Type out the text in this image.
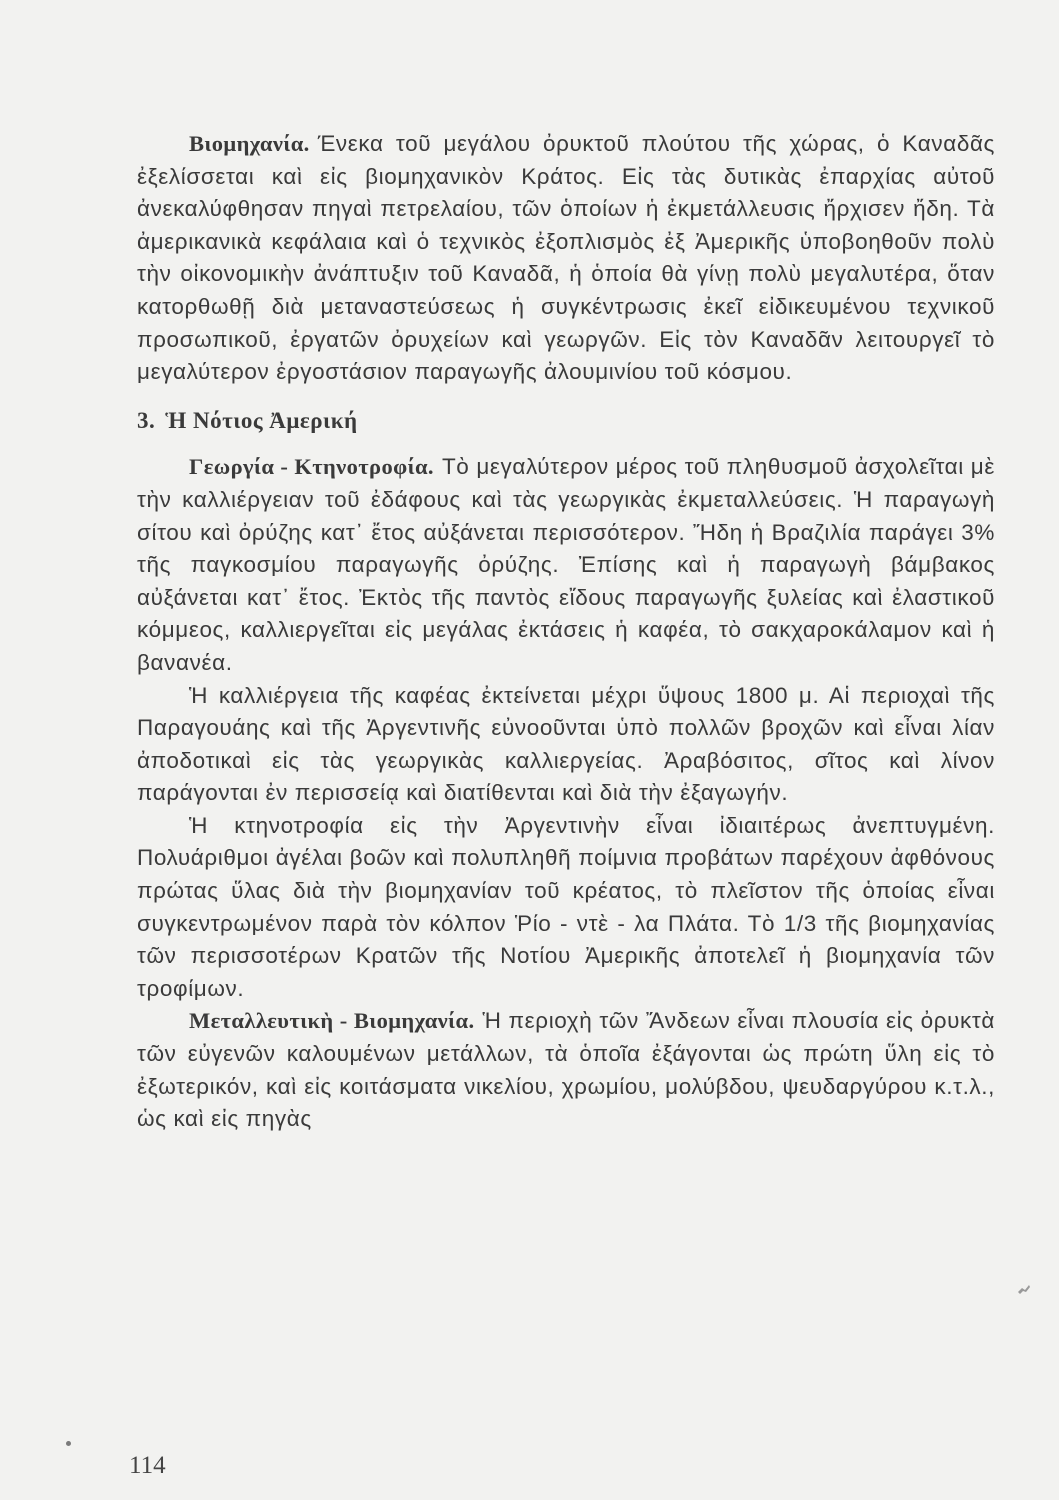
Βιομηχανία. Ένεκα τοῦ μεγάλου ὀρυκτοῦ πλούτου τῆς χώρας, ὁ Καναδᾶς ἐξελίσσεται καὶ εἰς βιομηχανικὸν Κράτος. Εἰς τὰς δυτικὰς ἐπαρχίας αὐτοῦ ἀνεκαλύφθησαν πηγαὶ πετρελαίου, τῶν ὁποίων ἡ ἐκμετάλλευσις ἤρχισεν ἤδη. Τὰ ἀμερικανικὰ κεφάλαια καὶ ὁ τεχνικὸς ἐξοπλισμὸς ἐξ Ἀμερικῆς ὑποβοηθοῦν πολὺ τὴν οἰκονομικὴν ἀνάπτυξιν τοῦ Καναδᾶ, ἡ ὁποία θὰ γίνῃ πολὺ μεγαλυτέρα, ὅταν κατορθωθῇ διὰ μεταναστεύσεως ἡ συγκέντρωσις ἐκεῖ εἰδικευμένου τεχνικοῦ προσωπικοῦ, ἐργατῶν ὀρυχείων καὶ γεωργῶν. Εἰς τὸν Καναδᾶν λειτουργεῖ τὸ μεγαλύτερον ἐργοστάσιον παραγωγῆς ἀλουμινίου τοῦ κόσμου.

3. Ἡ Νότιος Ἀμερική

Γεωργία - Κτηνοτροφία. Τὸ μεγαλύτερον μέρος τοῦ πληθυσμοῦ ἀσχολεῖται μὲ τὴν καλλιέργειαν τοῦ ἐδάφους καὶ τὰς γεωργικὰς ἐκμεταλλεύσεις. Ἡ παραγωγὴ σίτου καὶ ὀρύζης κατ᾽ ἔτος αὐξάνεται περισσότερον. Ἤδη ἡ Βραζιλία παράγει 3% τῆς παγκοσμίου παραγωγῆς ὀρύζης. Ἐπίσης καὶ ἡ παραγωγὴ βάμβακος αὐξάνεται κατ᾽ ἔτος. Ἐκτὸς τῆς παντὸς εἴδους παραγωγῆς ξυλείας καὶ ἐλαστικοῦ κόμμεος, καλλιεργεῖται εἰς μεγάλας ἐκτάσεις ἡ καφέα, τὸ σακχαροκάλαμον καὶ ἡ βανανέα.

Ἡ καλλιέργεια τῆς καφέας ἐκτείνεται μέχρι ὕψους 1800 μ. Αἱ περιοχαὶ τῆς Παραγουάης καὶ τῆς Ἀργεντινῆς εὐνοοῦνται ὑπὸ πολλῶν βροχῶν καὶ εἶναι λίαν ἀποδοτικαὶ εἰς τὰς γεωργικὰς καλλιεργείας. Ἀραβόσιτος, σῖτος καὶ λίνον παράγονται ἐν περισσείᾳ καὶ διατίθενται καὶ διὰ τὴν ἐξαγωγήν.

Ἡ κτηνοτροφία εἰς τὴν Ἀργεντινὴν εἶναι ἰδιαιτέρως ἀνεπτυγμένη. Πολυάριθμοι ἀγέλαι βοῶν καὶ πολυπληθῆ ποίμνια προβάτων παρέχουν ἀφθόνους πρώτας ὕλας διὰ τὴν βιομηχανίαν τοῦ κρέατος, τὸ πλεῖστον τῆς ὁποίας εἶναι συγκεντρωμένον παρὰ τὸν κόλπον Ῥίο - ντὲ - λα Πλάτα. Τὸ 1/3 τῆς βιομηχανίας τῶν περισσοτέρων Κρατῶν τῆς Νοτίου Ἀμερικῆς ἀποτελεῖ ἡ βιομηχανία τῶν τροφίμων.

Μεταλλευτικὴ - Βιομηχανία. Ἡ περιοχὴ τῶν Ἄνδεων εἶναι πλουσία εἰς ὀρυκτὰ τῶν εὐγενῶν καλουμένων μετάλλων, τὰ ὁποῖα ἐξάγονται ὡς πρώτη ὕλη εἰς τὸ ἐξωτερικόν, καὶ εἰς κοιτάσματα νικελίου, χρωμίου, μολύβδου, ψευδαργύρου κ.τ.λ., ὡς καὶ εἰς πηγὰς

114
